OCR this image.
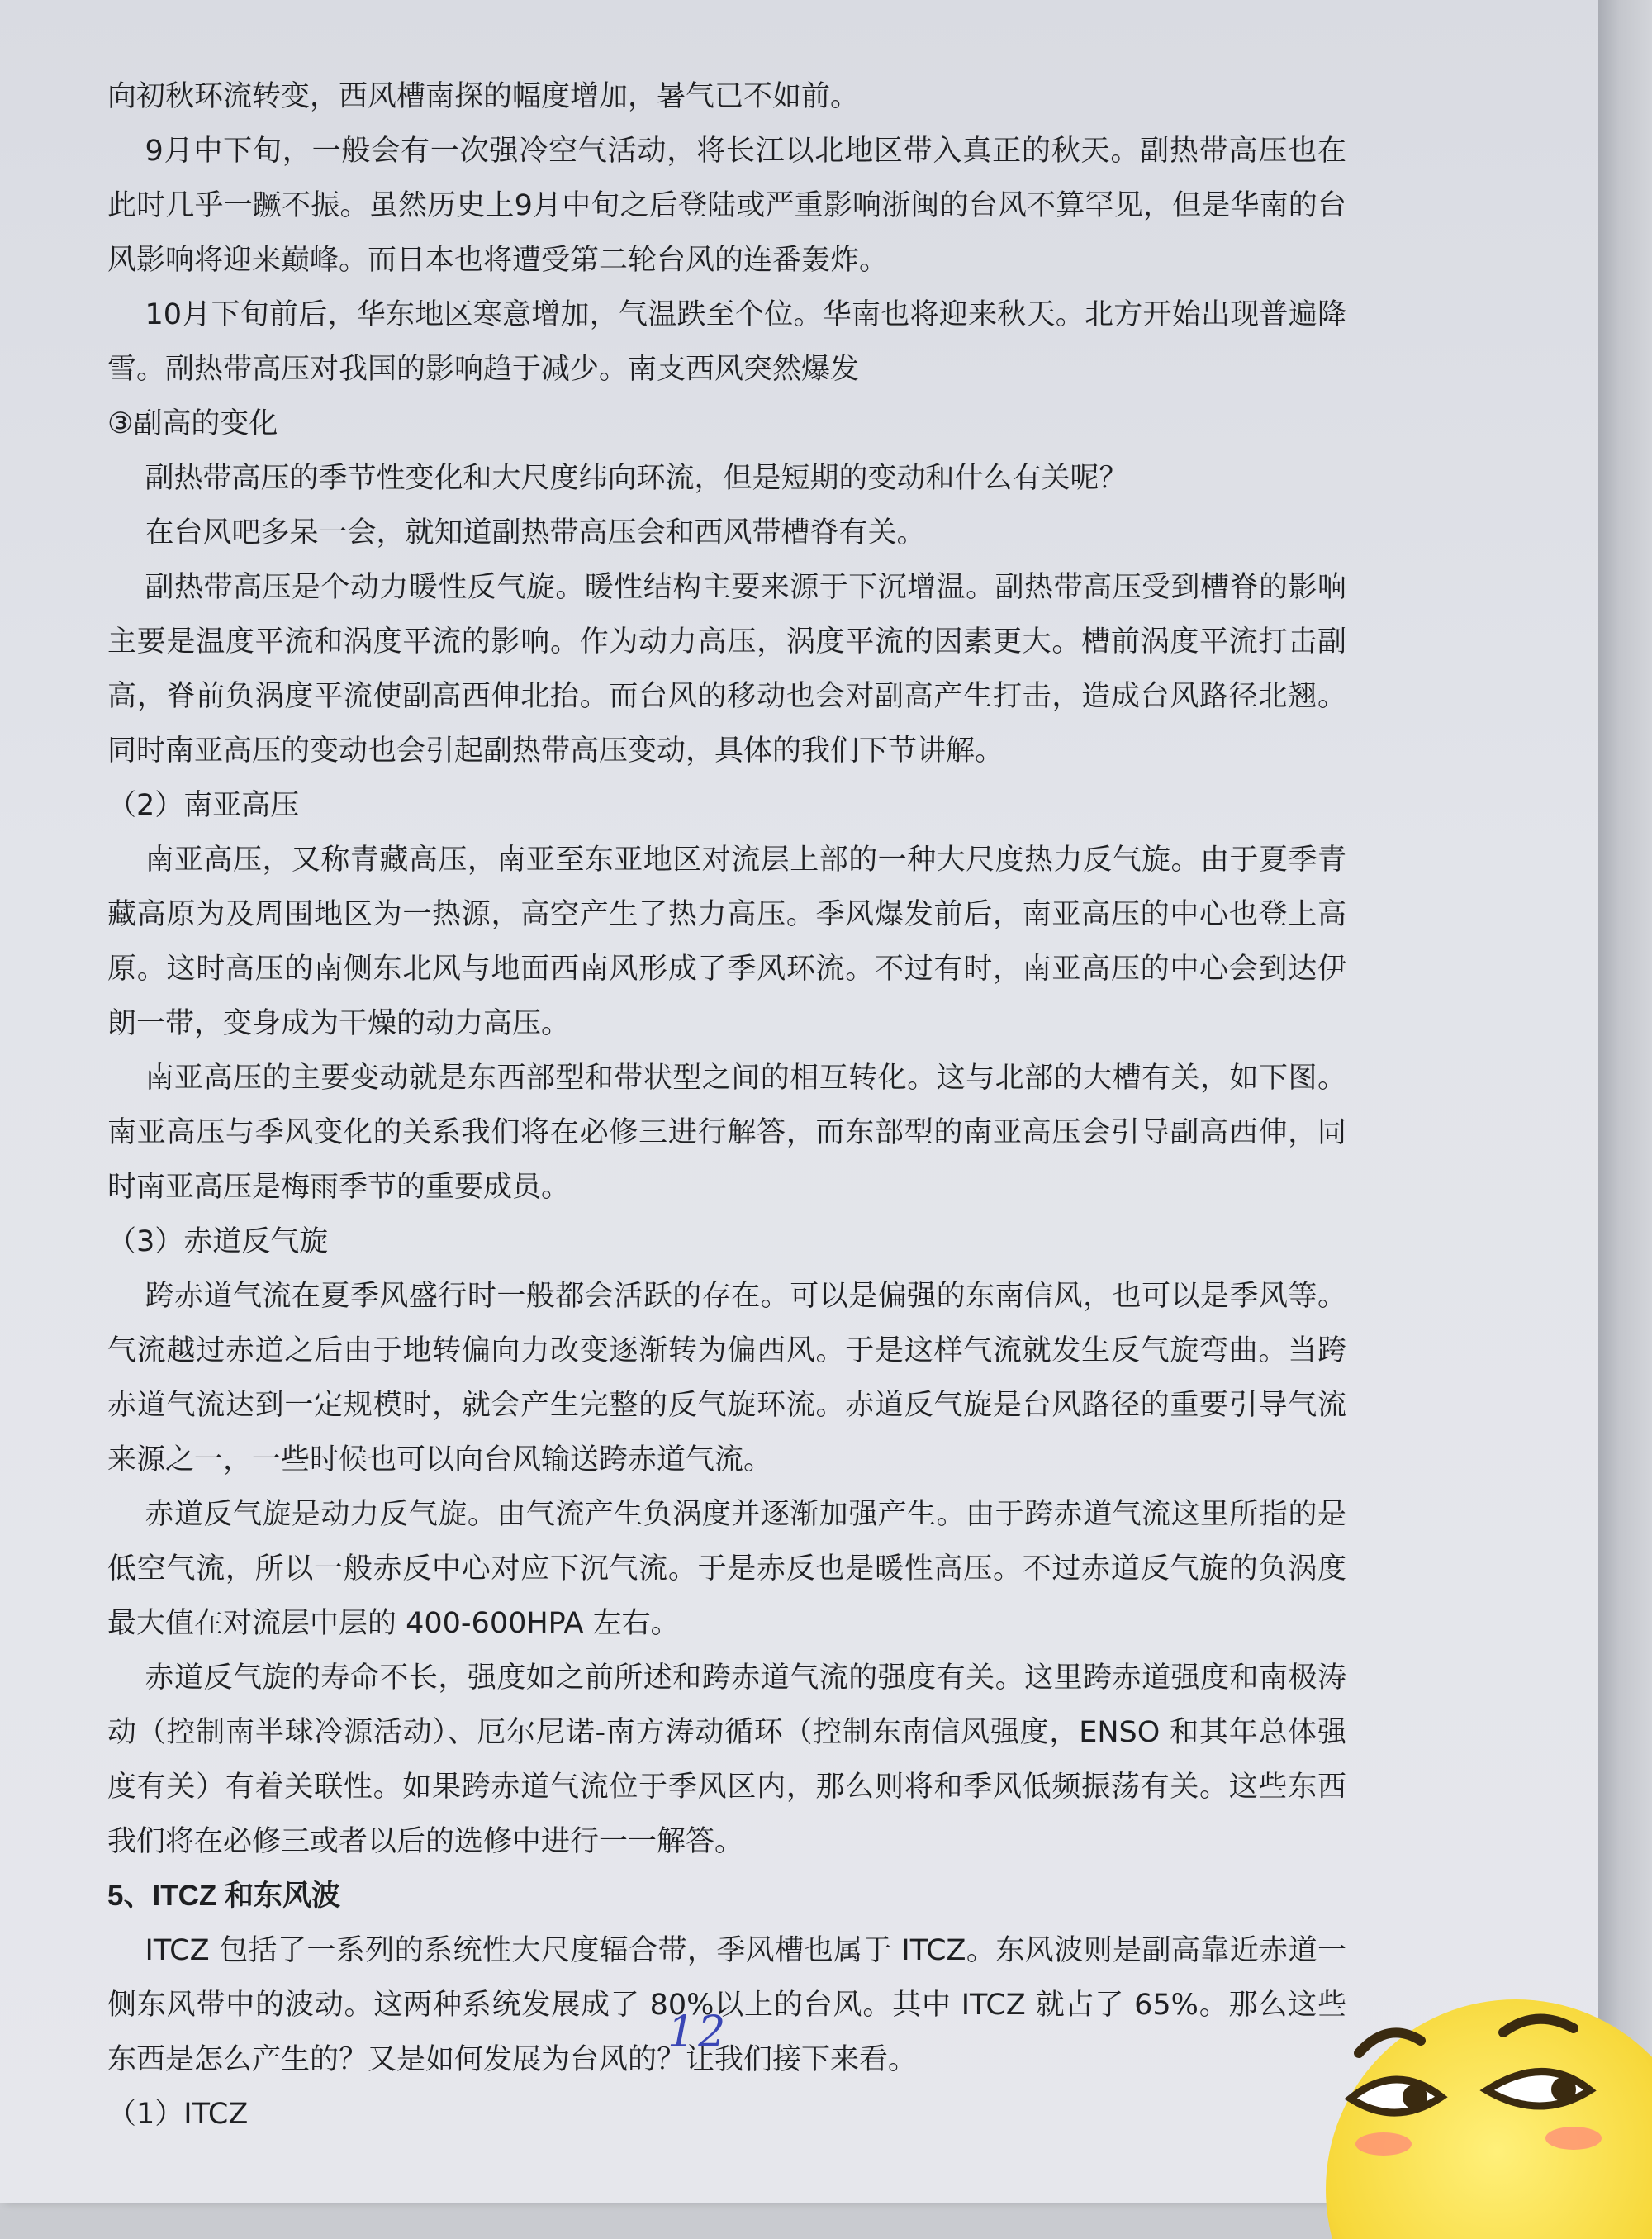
向初秋环流转变，西风槽南探的幅度增加，暑气已不如前。

9月中下旬，一般会有一次强冷空气活动，将长江以北地区带入真正的秋天。副热带高压也在此时几乎一蹶不振。虽然历史上9月中旬之后登陆或严重影响浙闽的台风不算罕见，但是华南的台风影响将迎来巅峰。而日本也将遭受第二轮台风的连番轰炸。

10月下旬前后，华东地区寒意增加，气温跌至个位。华南也将迎来秋天。北方开始出现普遍降雪。副热带高压对我国的影响趋于减少。南支西风突然爆发

③副高的变化

副热带高压的季节性变化和大尺度纬向环流，但是短期的变动和什么有关呢？

在台风吧多呆一会，就知道副热带高压会和西风带槽脊有关。

副热带高压是个动力暖性反气旋。暖性结构主要来源于下沉增温。副热带高压受到槽脊的影响主要是温度平流和涡度平流的影响。作为动力高压，涡度平流的因素更大。槽前涡度平流打击副高，脊前负涡度平流使副高西伸北抬。而台风的移动也会对副高产生打击，造成台风路径北翘。同时南亚高压的变动也会引起副热带高压变动，具体的我们下节讲解。

（2）南亚高压

南亚高压，又称青藏高压，南亚至东亚地区对流层上部的一种大尺度热力反气旋。由于夏季青藏高原为及周围地区为一热源，高空产生了热力高压。季风爆发前后，南亚高压的中心也登上高原。这时高压的南侧东北风与地面西南风形成了季风环流。不过有时，南亚高压的中心会到达伊朗一带，变身成为干燥的动力高压。

南亚高压的主要变动就是东西部型和带状型之间的相互转化。这与北部的大槽有关，如下图。南亚高压与季风变化的关系我们将在必修三进行解答，而东部型的南亚高压会引导副高西伸，同时南亚高压是梅雨季节的重要成员。

（3）赤道反气旋

跨赤道气流在夏季风盛行时一般都会活跃的存在。可以是偏强的东南信风，也可以是季风等。气流越过赤道之后由于地转偏向力改变逐渐转为偏西风。于是这样气流就发生反气旋弯曲。当跨赤道气流达到一定规模时，就会产生完整的反气旋环流。赤道反气旋是台风路径的重要引导气流来源之一，一些时候也可以向台风输送跨赤道气流。

赤道反气旋是动力反气旋。由气流产生负涡度并逐渐加强产生。由于跨赤道气流这里所指的是低空气流，所以一般赤反中心对应下沉气流。于是赤反也是暖性高压。不过赤道反气旋的负涡度最大值在对流层中层的 400-600HPA 左右。

赤道反气旋的寿命不长，强度如之前所述和跨赤道气流的强度有关。这里跨赤道强度和南极涛动（控制南半球冷源活动）、厄尔尼诺-南方涛动循环（控制东南信风强度，ENSO 和其年总体强度有关）有着关联性。如果跨赤道气流位于季风区内，那么则将和季风低频振荡有关。这些东西我们将在必修三或者以后的选修中进行一一解答。

5、ITCZ 和东风波

ITCZ 包括了一系列的系统性大尺度辐合带，季风槽也属于 ITCZ。东风波则是副高靠近赤道一侧东风带中的波动。这两种系统发展成了 80%以上的台风。其中 ITCZ 就占了 65%。那么这些东西是怎么产生的？又是如何发展为台风的？让我们接下来看。

（1）ITCZ

12
